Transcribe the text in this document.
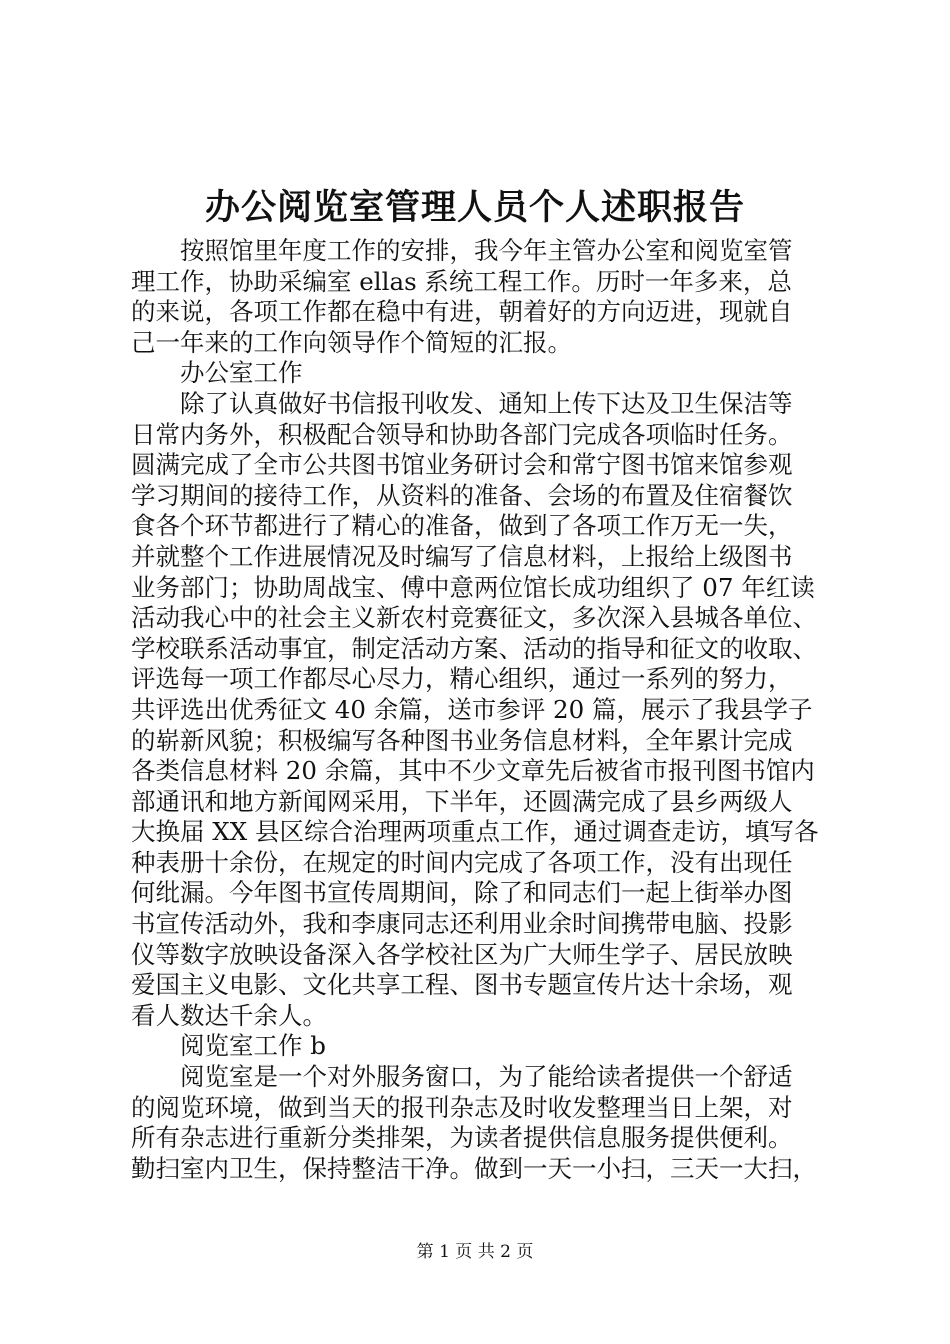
办公阅览室管理人员个人述职报告
按照馆里年度工作的安排，我今年主管办公室和阅览室管
理工作，协助采编室 ellas 系统工程工作。历时一年多来，总
的来说，各项工作都在稳中有进，朝着好的方向迈进，现就自
己一年来的工作向领导作个简短的汇报。
办公室工作
除了认真做好书信报刊收发、通知上传下达及卫生保洁等
日常内务外，积极配合领导和协助各部门完成各项临时任务。
圆满完成了全市公共图书馆业务研讨会和常宁图书馆来馆参观
学习期间的接待工作，从资料的准备、会场的布置及住宿餐饮
食各个环节都进行了精心的准备，做到了各项工作万无一失，
并就整个工作进展情况及时编写了信息材料，上报给上级图书
业务部门；协助周战宝、傅中意两位馆长成功组织了 07 年红读
活动我心中的社会主义新农村竞赛征文，多次深入县城各单位、
学校联系活动事宜，制定活动方案、活动的指导和征文的收取、
评选每一项工作都尽心尽力，精心组织，通过一系列的努力，
共评选出优秀征文 40 余篇，送市参评 20 篇，展示了我县学子
的崭新风貌；积极编写各种图书业务信息材料，全年累计完成
各类信息材料 20 余篇，其中不少文章先后被省市报刊图书馆内
部通讯和地方新闻网采用，下半年，还圆满完成了县乡两级人
大换届 XX 县区综合治理两项重点工作，通过调查走访，填写各
种表册十余份，在规定的时间内完成了各项工作，没有出现任
何纰漏。今年图书宣传周期间，除了和同志们一起上街举办图
书宣传活动外，我和李康同志还利用业余时间携带电脑、投影
仪等数字放映设备深入各学校社区为广大师生学子、居民放映
爱国主义电影、文化共享工程、图书专题宣传片达十余场，观
看人数达千余人。
阅览室工作 b
阅览室是一个对外服务窗口，为了能给读者提供一个舒适
的阅览环境，做到当天的报刊杂志及时收发整理当日上架，对
所有杂志进行重新分类排架，为读者提供信息服务提供便利。
勤扫室内卫生，保持整洁干净。做到一天一小扫，三天一大扫，
第 1 页 共 2 页
